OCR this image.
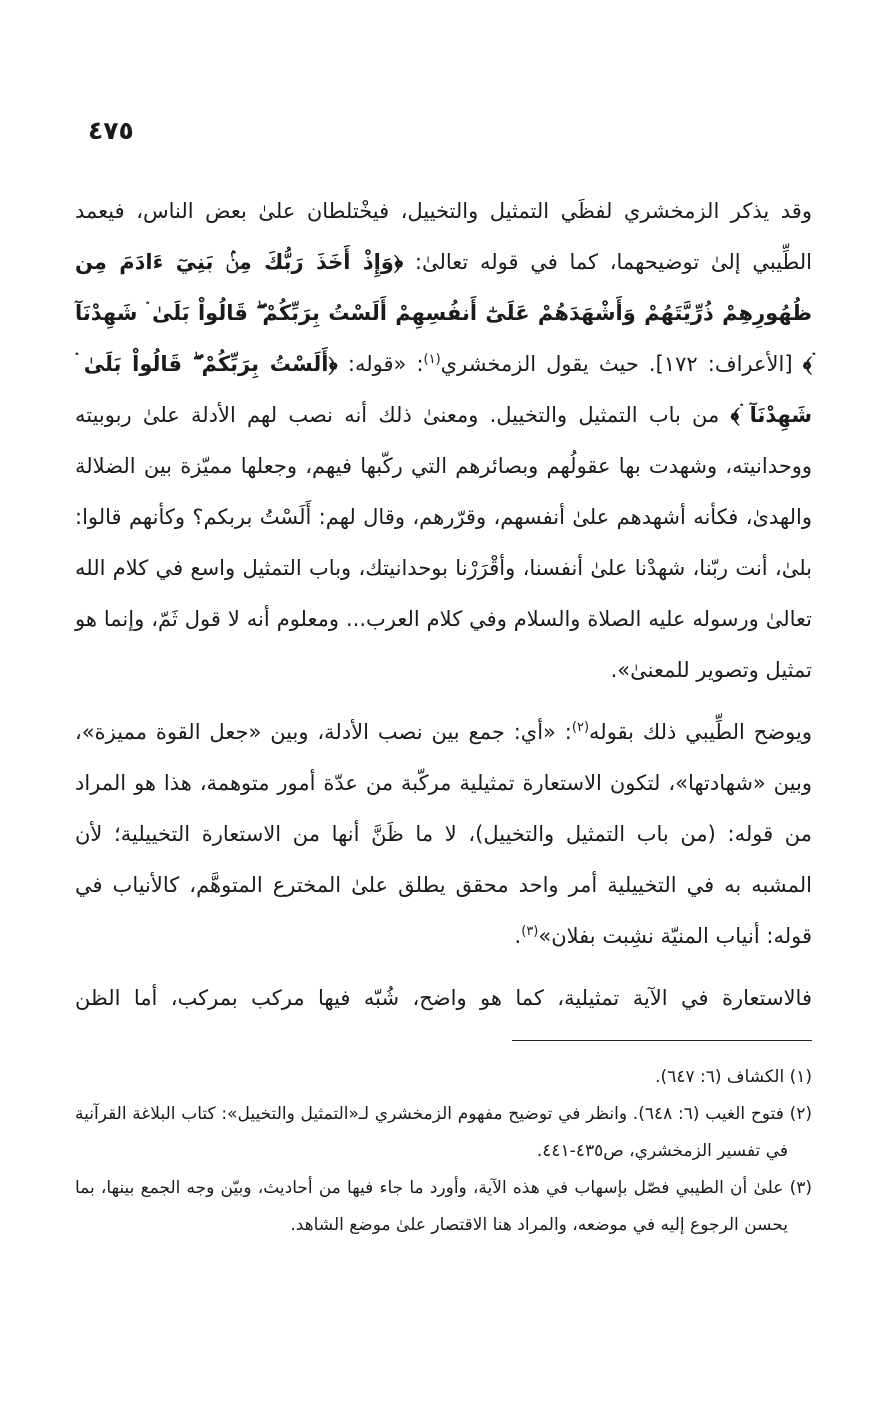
٤٧٥

وقد يذكر الزمخشري لفظَي التمثيل والتخييل، فيخْتلطان علىٰ بعض الناس، فيعمد الطِّيبي إلىٰ توضيحهما، كما في قوله تعالىٰ: ﴿وَإِذْ أَخَذَ رَبُّكَ مِنۢ بَنِيٓ ءَادَمَ مِن ظُهُورِهِمْ ذُرِّيَّتَهُمْ وَأَشْهَدَهُمْ عَلَىٰٓ أَنفُسِهِمْ أَلَسْتُ بِرَبِّكُمْ ۖ قَالُواْ بَلَىٰ ۛ شَهِدْنَآ ۛ﴾ [الأعراف: ١٧٢]. حيث يقول الزمخشري$^{(١)}$: «قوله: ﴿أَلَسْتُ بِرَبِّكُمْ ۖ قَالُواْ بَلَىٰ ۛ شَهِدْنَآ ۛ﴾ من باب التمثيل والتخييل. ومعنىٰ ذلك أنه نصب لهم الأدلة علىٰ ربوبيته ووحدانيته، وشهدت بها عقولُهم وبصائرهم التي ركّبها فيهم، وجعلها مميّزة بين الضلالة والهدىٰ، فكأنه أشهدهم علىٰ أنفسهم، وقرّرهم، وقال لهم: أَلَسْتُ بربكم؟ وكأنهم قالوا: بلىٰ، أنت ربّنا، شهدْنا علىٰ أنفسنا، وأقْرَرْنا بوحدانيتك، وباب التمثيل واسع في كلام الله تعالىٰ ورسوله عليه الصلاة والسلام وفي كلام العرب... ومعلوم أنه لا قول ثَمّ، وإنما هو تمثيل وتصوير للمعنىٰ».

ويوضح الطِّيبي ذلك بقوله$^{(٢)}$: «أي: جمع بين نصب الأدلة، وبين «جعل القوة مميزة»، وبين «شهادتها»، لتكون الاستعارة تمثيلية مركّبة من عدّة أمور متوهمة، هذا هو المراد من قوله: (من باب التمثيل والتخييل)، لا ما ظَنَّ أنها من الاستعارة التخييلية؛ لأن المشبه به في التخييلية أمر واحد محقق يطلق علىٰ المخترع المتوهَّم، كالأنياب في قوله: أنياب المنيّة نشِبت بفلان»$^{(٣)}$.

فالاستعارة في الآية تمثيلية، كما هو واضح، شُبّه فيها مركب بمركب، أما الظن

(١) الكشاف (٦: ٦٤٧).
(٢) فتوح الغيب (٦: ٦٤٨). وانظر في توضيح مفهوم الزمخشري لـ«التمثيل والتخييل»: كتاب البلاغة القرآنية في تفسير الزمخشري، ص٤٣٥-٤٤١.
(٣) علىٰ أن الطيبي فصّل بإسهاب في هذه الآية، وأورد ما جاء فيها من أحاديث، وبيّن وجه الجمع بينها، بما يحسن الرجوع إليه في موضعه، والمراد هنا الاقتصار علىٰ موضع الشاهد.
